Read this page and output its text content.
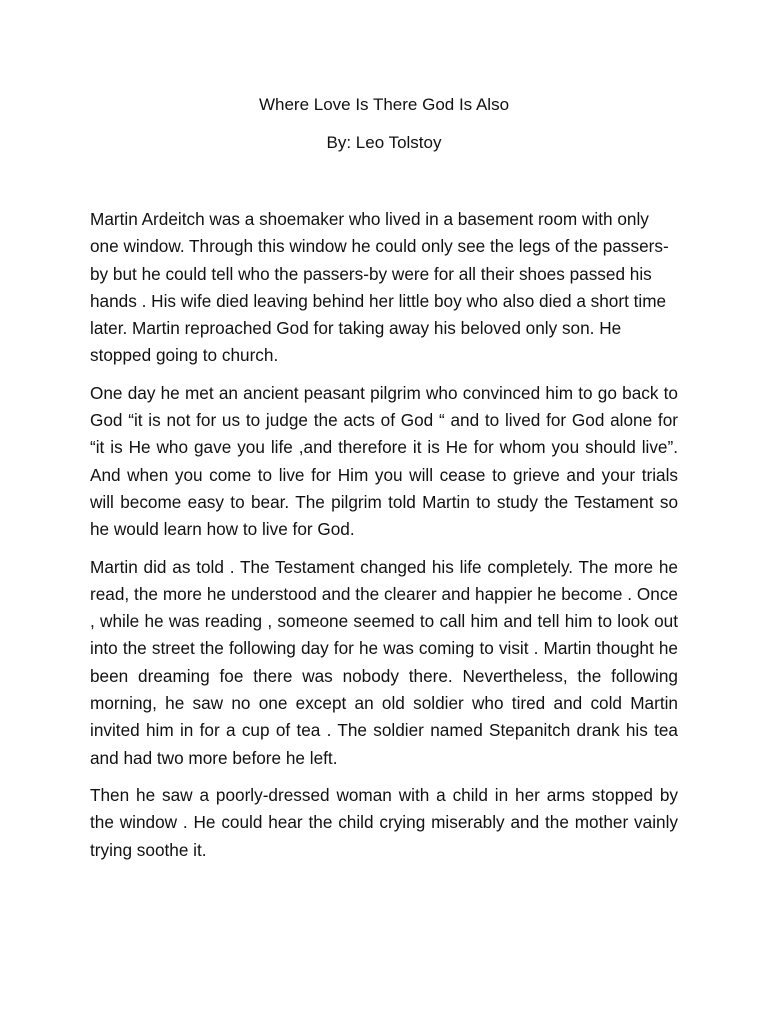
Where Love Is There God Is Also

By: Leo Tolstoy

Martin Ardeitch was a shoemaker who lived in a basement room with only one window. Through this window he could only see the legs of the passers-by but he could tell who the passers-by were for all their shoes passed his hands . His wife died leaving behind her little boy who also died a short time later. Martin reproached God for taking away his beloved only son. He stopped going to church.

One day he met an ancient peasant pilgrim who convinced him to go back to God “it is not for us to judge the acts of God “ and to lived for God alone for “it is He who gave you life ,and therefore it is He for whom you should live”. And when you come to live for Him you will cease to grieve and your trials will become easy to bear. The pilgrim told Martin to study the Testament so he would learn how to live for God.

Martin did as told . The Testament changed his life completely. The more he read, the more he understood and the clearer and happier he become . Once , while he was reading , someone seemed to call him and tell him to look out into the street the following day for he was coming to visit . Martin thought he been dreaming foe there was nobody there. Nevertheless, the following morning, he saw no one except an old soldier who tired and cold Martin invited him in for a cup of tea . The soldier named Stepanitch drank his tea and had two more before he left.

Then he saw a poorly-dressed woman with a child in her arms stopped by the window . He could hear the child crying miserably and the mother vainly trying soothe it.
